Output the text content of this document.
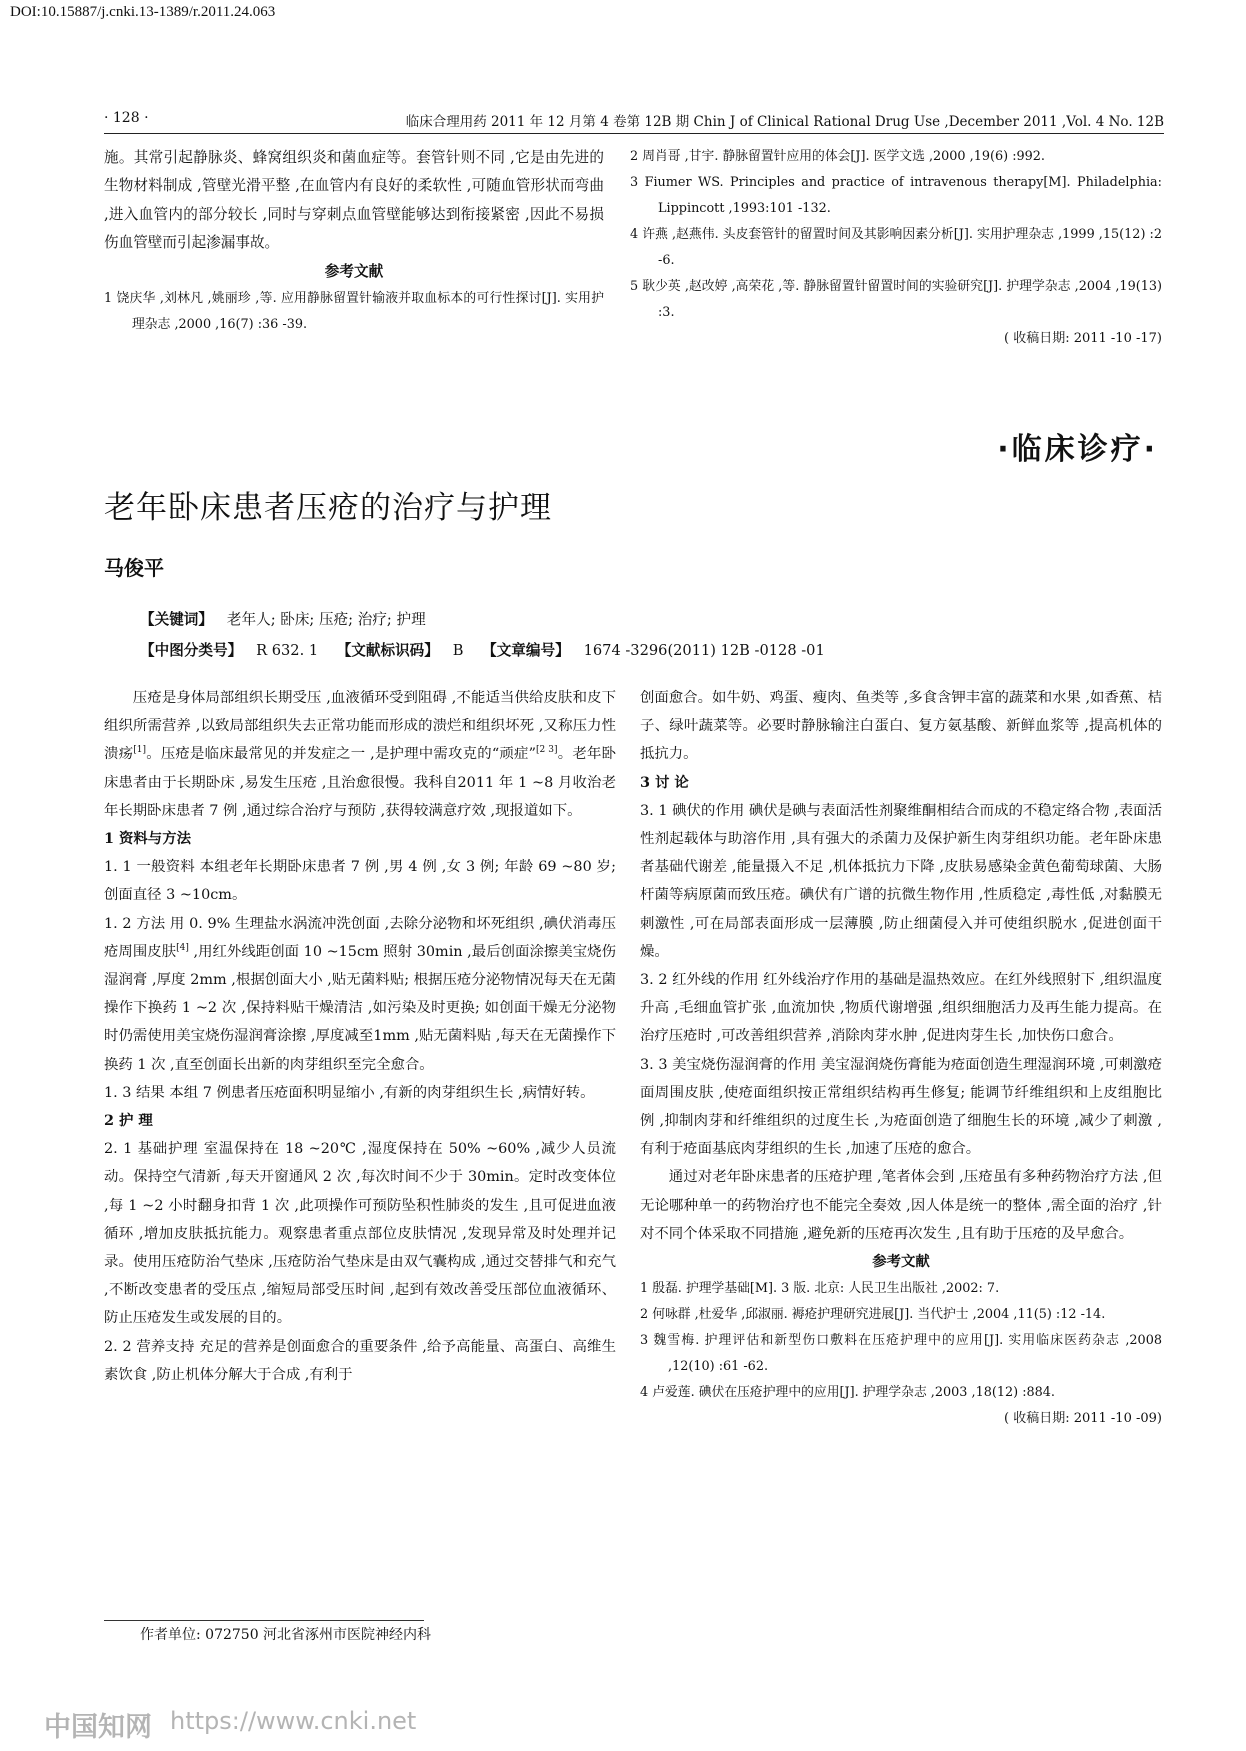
DOI:10.15887/j.cnki.13-1389/r.2011.24.063
· 128 ·	临床合理用药 2011 年 12 月第 4 卷第 12B 期 Chin J of Clinical Rational Drug Use ,December 2011 ,Vol. 4 No. 12B

施。其常引起静脉炎、蜂窝组织炎和菌血症等。套管针则不同 ,它是由先进的生物材料制成 ,管壁光滑平整 ,在血管内有良好的柔软性 ,可随血管形状而弯曲 ,进入血管内的部分较长 ,同时与穿刺点血管壁能够达到衔接紧密 ,因此不易损伤血管壁而引起渗漏事故。

参考文献

1 饶庆华 ,刘林凡 ,姚丽珍 ,等. 应用静脉留置针输液并取血标本的可行性探讨[J]. 实用护理杂志 ,2000 ,16(7) :36 -39.

2 周肖哥 ,甘宇. 静脉留置针应用的体会[J]. 医学文选 ,2000 ,19(6) :992.

3 Fiumer WS. Principles and practice of intravenous therapy[M]. Philadelphia: Lippincott ,1993:101 -132.

4 许燕 ,赵燕伟. 头皮套管针的留置时间及其影响因素分析[J]. 实用护理杂志 ,1999 ,15(12) :2 -6.

5 耿少英 ,赵改婷 ,高荣花 ,等. 静脉留置针留置时间的实验研究[J]. 护理学杂志 ,2004 ,19(13) :3.

( 收稿日期: 2011 -10 -17)

·临床诊疗·
老年卧床患者压疮的治疗与护理
马俊平
【关键词】 老年人; 卧床; 压疮; 治疗; 护理
【中图分类号】 R 632. 1 【文献标识码】 B 【文章编号】 1674 -3296(2011) 12B -0128 -01

压疮是身体局部组织长期受压 ,血液循环受到阻碍 ,不能适当供给皮肤和皮下组织所需营养 ,以致局部组织失去正常功能而形成的溃烂和组织坏死 ,又称压力性溃疡[1]。压疮是临床最常见的并发症之一 ,是护理中需攻克的“顽症”[2 3]。老年卧床患者由于长期卧床 ,易发生压疮 ,且治愈很慢。我科自2011 年 1 ~8 月收治老年长期卧床患者 7 例 ,通过综合治疗与预防 ,获得较满意疗效 ,现报道如下。

1 资料与方法

1. 1 一般资料 本组老年长期卧床患者 7 例 ,男 4 例 ,女 3 例; 年龄 69 ~80 岁; 创面直径 3 ~10cm。

1. 2 方法 用 0. 9% 生理盐水涡流冲洗创面 ,去除分泌物和坏死组织 ,碘伏消毒压疮周围皮肤[4] ,用红外线距创面 10 ~15cm 照射 30min ,最后创面涂擦美宝烧伤湿润膏 ,厚度 2mm ,根据创面大小 ,贴无菌料贴; 根据压疮分泌物情况每天在无菌操作下换药 1 ~2 次 ,保持料贴干燥清洁 ,如污染及时更换; 如创面干燥无分泌物时仍需使用美宝烧伤湿润膏涂擦 ,厚度减至1mm ,贴无菌料贴 ,每天在无菌操作下换药 1 次 ,直至创面长出新的肉芽组织至完全愈合。

1. 3 结果 本组 7 例患者压疮面积明显缩小 ,有新的肉芽组织生长 ,病情好转。

2 护 理

2. 1 基础护理 室温保持在 18 ~20℃ ,湿度保持在 50% ~60% ,减少人员流动。保持空气清新 ,每天开窗通风 2 次 ,每次时间不少于 30min。定时改变体位 ,每 1 ~2 小时翻身扣背 1 次 ,此项操作可预防坠积性肺炎的发生 ,且可促进血液循环 ,增加皮肤抵抗能力。观察患者重点部位皮肤情况 ,发现异常及时处理并记录。使用压疮防治气垫床 ,压疮防治气垫床是由双气囊构成 ,通过交替排气和充气 ,不断改变患者的受压点 ,缩短局部受压时间 ,起到有效改善受压部位血液循环、防止压疮发生或发展的目的。

2. 2 营养支持 充足的营养是创面愈合的重要条件 ,给予高能量、高蛋白、高维生素饮食 ,防止机体分解大于合成 ,有利于

创面愈合。如牛奶、鸡蛋、瘦肉、鱼类等 ,多食含钾丰富的蔬菜和水果 ,如香蕉、桔子、绿叶蔬菜等。必要时静脉输注白蛋白、复方氨基酸、新鲜血浆等 ,提高机体的抵抗力。

3 讨 论

3. 1 碘伏的作用 碘伏是碘与表面活性剂聚维酮相结合而成的不稳定络合物 ,表面活性剂起载体与助溶作用 ,具有强大的杀菌力及保护新生肉芽组织功能。老年卧床患者基础代谢差 ,能量摄入不足 ,机体抵抗力下降 ,皮肤易感染金黄色葡萄球菌、大肠杆菌等病原菌而致压疮。碘伏有广谱的抗微生物作用 ,性质稳定 ,毒性低 ,对黏膜无刺激性 ,可在局部表面形成一层薄膜 ,防止细菌侵入并可使组织脱水 ,促进创面干燥。

3. 2 红外线的作用 红外线治疗作用的基础是温热效应。在红外线照射下 ,组织温度升高 ,毛细血管扩张 ,血流加快 ,物质代谢增强 ,组织细胞活力及再生能力提高。在治疗压疮时 ,可改善组织营养 ,消除肉芽水肿 ,促进肉芽生长 ,加快伤口愈合。

3. 3 美宝烧伤湿润膏的作用 美宝湿润烧伤膏能为疮面创造生理湿润环境 ,可刺激疮面周围皮肤 ,使疮面组织按正常组织结构再生修复; 能调节纤维组织和上皮组胞比例 ,抑制肉芽和纤维组织的过度生长 ,为疮面创造了细胞生长的环境 ,减少了刺激 ,有利于疮面基底肉芽组织的生长 ,加速了压疮的愈合。

通过对老年卧床患者的压疮护理 ,笔者体会到 ,压疮虽有多种药物治疗方法 ,但无论哪种单一的药物治疗也不能完全奏效 ,因人体是统一的整体 ,需全面的治疗 ,针对不同个体采取不同措施 ,避免新的压疮再次发生 ,且有助于压疮的及早愈合。

参考文献

1 殷磊. 护理学基础[M]. 3 版. 北京: 人民卫生出版社 ,2002: 7.

2 何咏群 ,杜爱华 ,邱淑丽. 褥疮护理研究进展[J]. 当代护士 ,2004 ,11(5) :12 -14.

3 魏雪梅. 护理评估和新型伤口敷料在压疮护理中的应用[J]. 实用临床医药杂志 ,2008 ,12(10) :61 -62.

4 卢爱莲. 碘伏在压疮护理中的应用[J]. 护理学杂志 ,2003 ,18(12) :884.

( 收稿日期: 2011 -10 -09)

作者单位: 072750 河北省涿州市医院神经内科
中国知网 https://www.cnki.net
